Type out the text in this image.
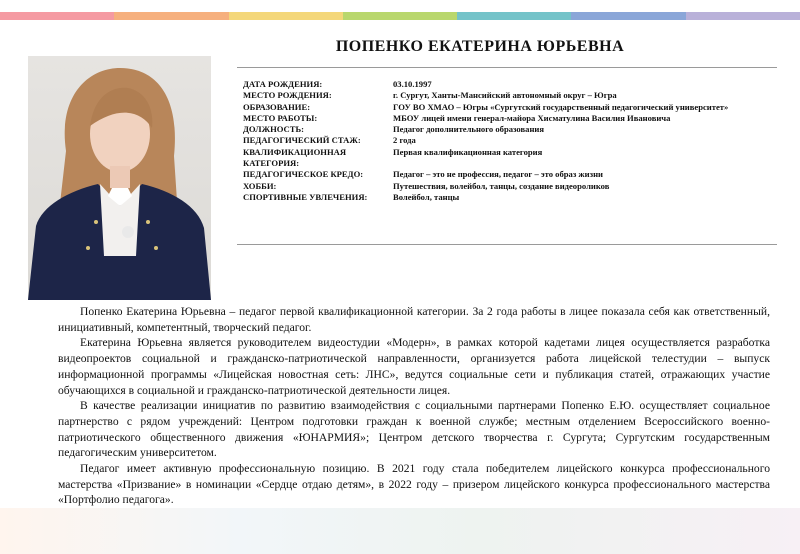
ПОПЕНКО ЕКАТЕРИНА ЮРЬЕВНА
ДАТА РОЖДЕНИЯ:	03.10.1997
МЕСТО РОЖДЕНИЯ:	г. Сургут, Ханты-Мансийский автономный округ – Югра
ОБРАЗОВАНИЕ:	ГОУ ВО ХМАО – Югры «Сургутский государственный педагогический университет»
МЕСТО РАБОТЫ:	МБОУ лицей имени генерал-майора Хисматулина Василия Ивановича
ДОЛЖНОСТЬ:	Педагог дополнительного образования
ПЕДАГОГИЧЕСКИЙ СТАЖ:	2 года
КВАЛИФИКАЦИОННАЯ КАТЕГОРИЯ:
Первая квалификационная категория
ПЕДАГОГИЧЕСКОЕ КРЕДО:	Педагог – это не профессия, педагог – это образ жизни
ХОББИ:	Путешествия, волейбол, танцы, создание видеороликов
СПОРТИВНЫЕ УВЛЕЧЕНИЯ:	Волейбол, танцы

Попенко Екатерина Юрьевна – педагог первой квалификационной категории. За 2 года работы в лицее показала себя как ответственный, инициативный, компетентный, творческий педагог.

Екатерина Юрьевна является руководителем видеостудии «Модерн», в рамках которой кадетами лицея осуществляется разработка видеопроектов социальной и гражданско-патриотической направленности, организуется работа лицейской телестудии – выпуск информационной программы «Лицейская новостная сеть: ЛНС», ведутся социальные сети и публикация статей, отражающих участие обучающихся в социальной и гражданско-патриотической деятельности лицея.

В качестве реализации инициатив по развитию взаимодействия с социальными партнерами Попенко Е.Ю. осуществляет социальное партнерство с рядом учреждений: Центром подготовки граждан к военной службе; местным отделением Всероссийского военно-патриотического общественного движения «ЮНАРМИЯ»; Центром детского творчества г. Сургута; Сургутским государственным педагогическим университетом.

Педагог имеет активную профессиональную позицию. В 2021 году стала победителем лицейского конкурса профессионального мастерства «Призвание» в номинации «Сердце отдаю детям», в 2022 году – призером лицейского конкурса профессионального мастерства «Портфолио педагога».
